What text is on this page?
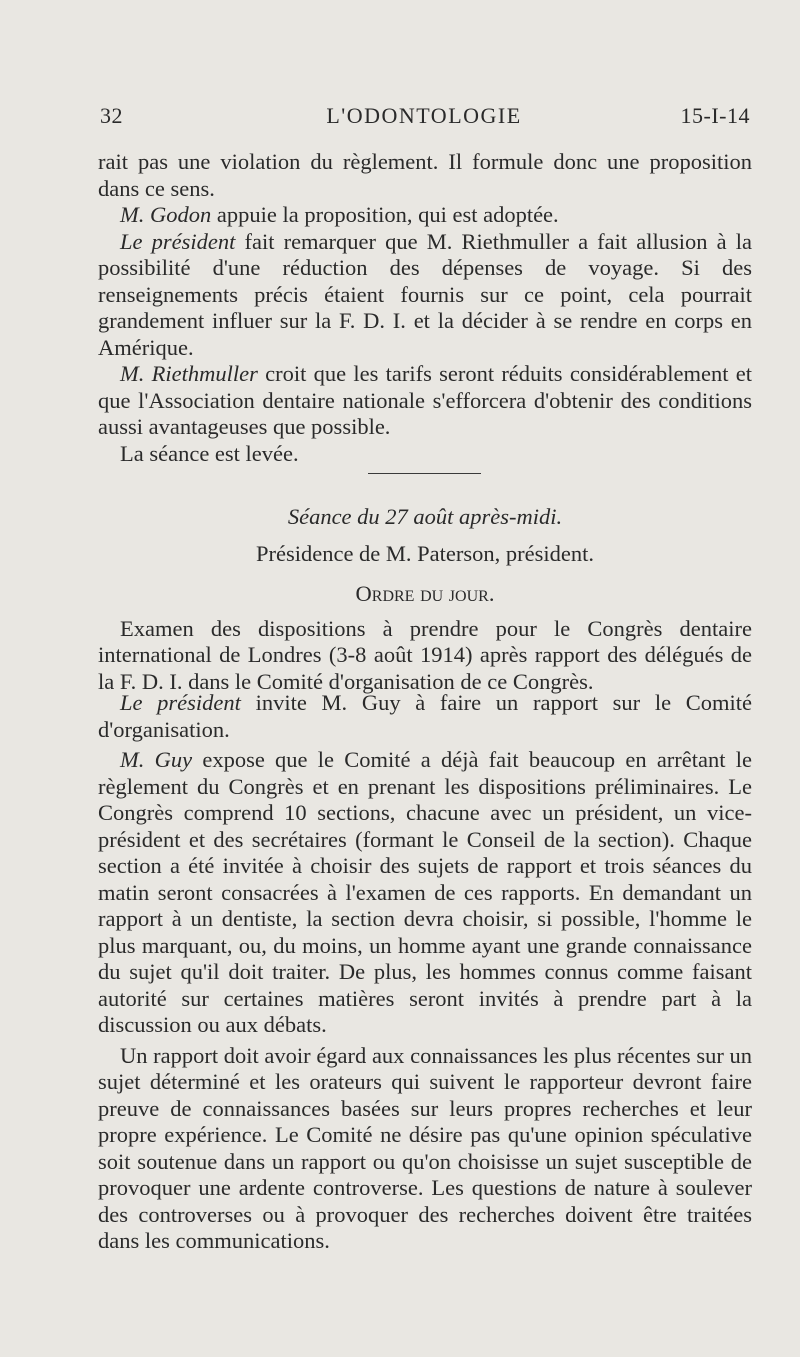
32	L'ODONTOLOGIE	15-I-14

rait pas une violation du règlement. Il formule donc une proposition dans ce sens.

M. Godon appuie la proposition, qui est adoptée.

Le président fait remarquer que M. Riethmuller a fait allusion à la possibilité d'une réduction des dépenses de voyage. Si des renseignements précis étaient fournis sur ce point, cela pourrait grandement influer sur la F. D. I. et la décider à se rendre en corps en Amérique.

M. Riethmuller croit que les tarifs seront réduits considérablement et que l'Association dentaire nationale s'efforcera d'obtenir des conditions aussi avantageuses que possible.

La séance est levée.

Séance du 27 août après-midi.

Présidence de M. Paterson, président.

Ordre du jour.

Examen des dispositions à prendre pour le Congrès dentaire international de Londres (3-8 août 1914) après rapport des délégués de la F. D. I. dans le Comité d'organisation de ce Congrès.

Le président invite M. Guy à faire un rapport sur le Comité d'organisation.

M. Guy expose que le Comité a déjà fait beaucoup en arrêtant le règlement du Congrès et en prenant les dispositions préliminaires. Le Congrès comprend 10 sections, chacune avec un président, un vice-président et des secrétaires (formant le Conseil de la section). Chaque section a été invitée à choisir des sujets de rapport et trois séances du matin seront consacrées à l'examen de ces rapports. En demandant un rapport à un dentiste, la section devra choisir, si possible, l'homme le plus marquant, ou, du moins, un homme ayant une grande connaissance du sujet qu'il doit traiter. De plus, les hommes connus comme faisant autorité sur certaines matières seront invités à prendre part à la discussion ou aux débats.

Un rapport doit avoir égard aux connaissances les plus récentes sur un sujet déterminé et les orateurs qui suivent le rapporteur devront faire preuve de connaissances basées sur leurs propres recherches et leur propre expérience. Le Comité ne désire pas qu'une opinion spéculative soit soutenue dans un rapport ou qu'on choisisse un sujet susceptible de provoquer une ardente controverse. Les questions de nature à soulever des controverses ou à provoquer des recherches doivent être traitées dans les communications.
